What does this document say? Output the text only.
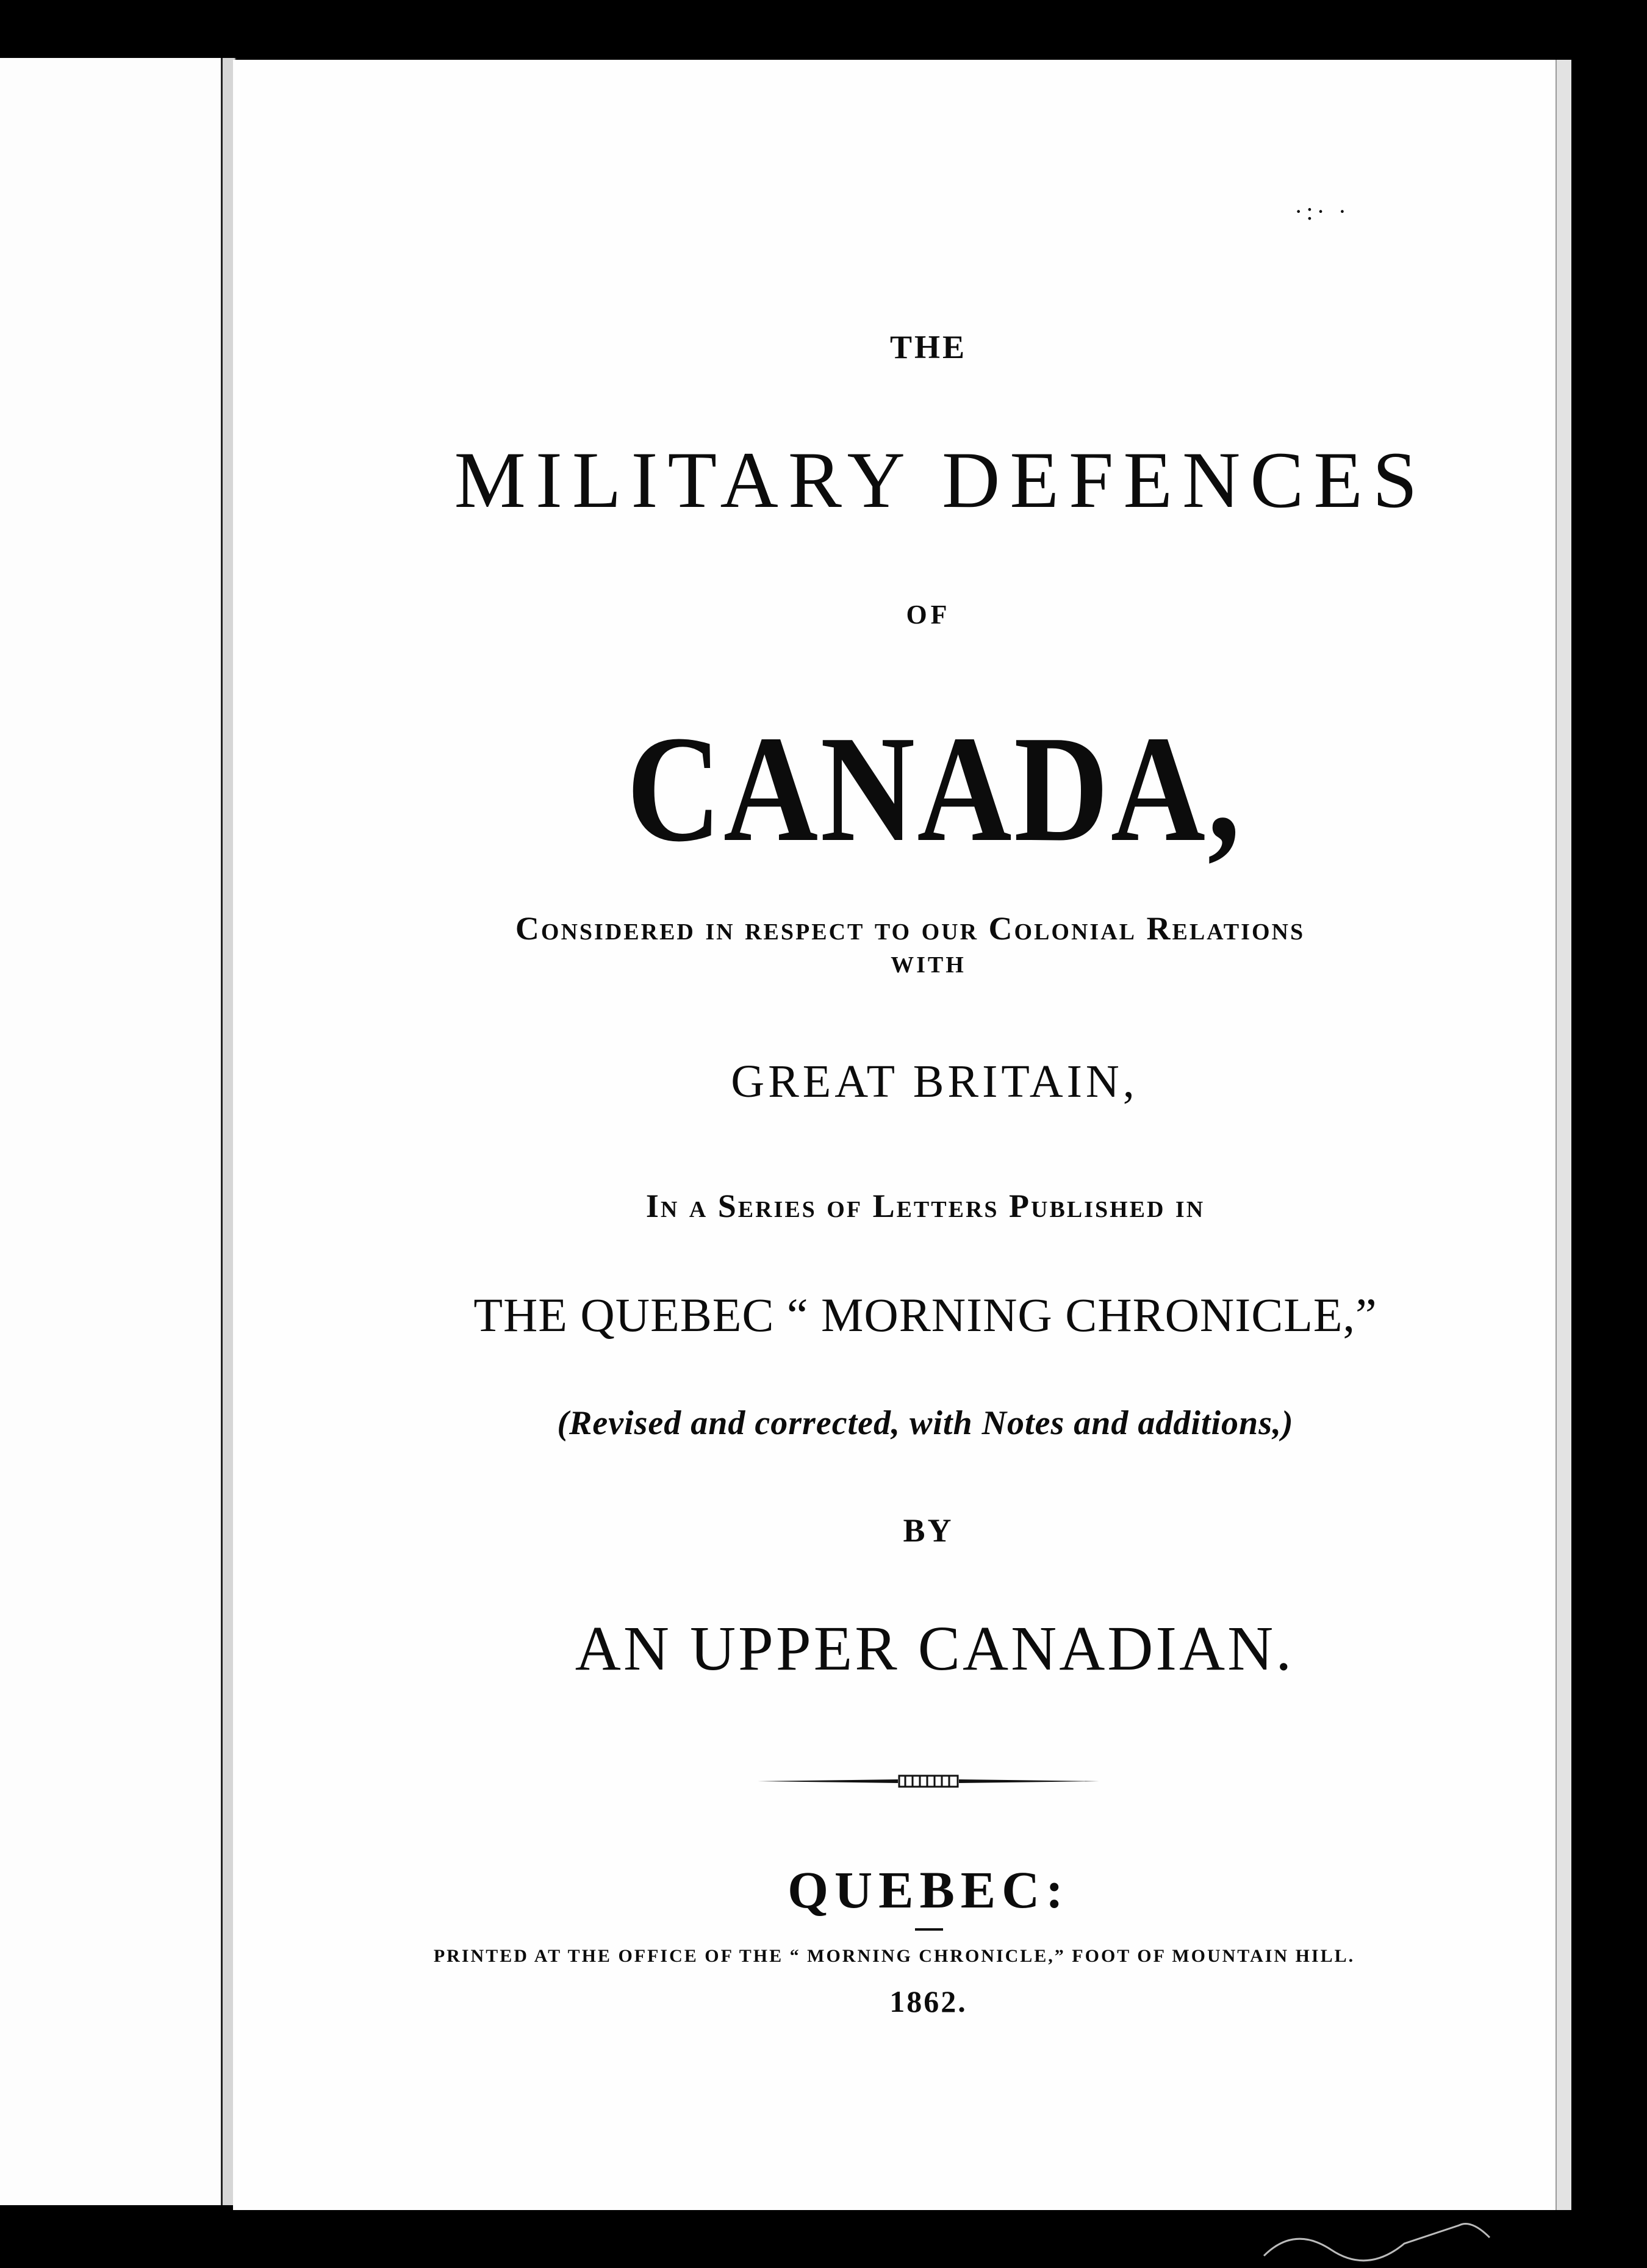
·:· ·
THE
MILITARY DEFENCES
OF
CANADA,
Considered in respect to our Colonial Relations
WITH
GREAT BRITAIN,
In a Series of Letters Published in
THE QUEBEC “ MORNING CHRONICLE,”
(Revised and corrected, with Notes and additions,)
BY
AN UPPER CANADIAN.
QUEBEC:
PRINTED AT THE OFFICE OF THE “ MORNING CHRONICLE,” FOOT OF MOUNTAIN HILL.
1862.
